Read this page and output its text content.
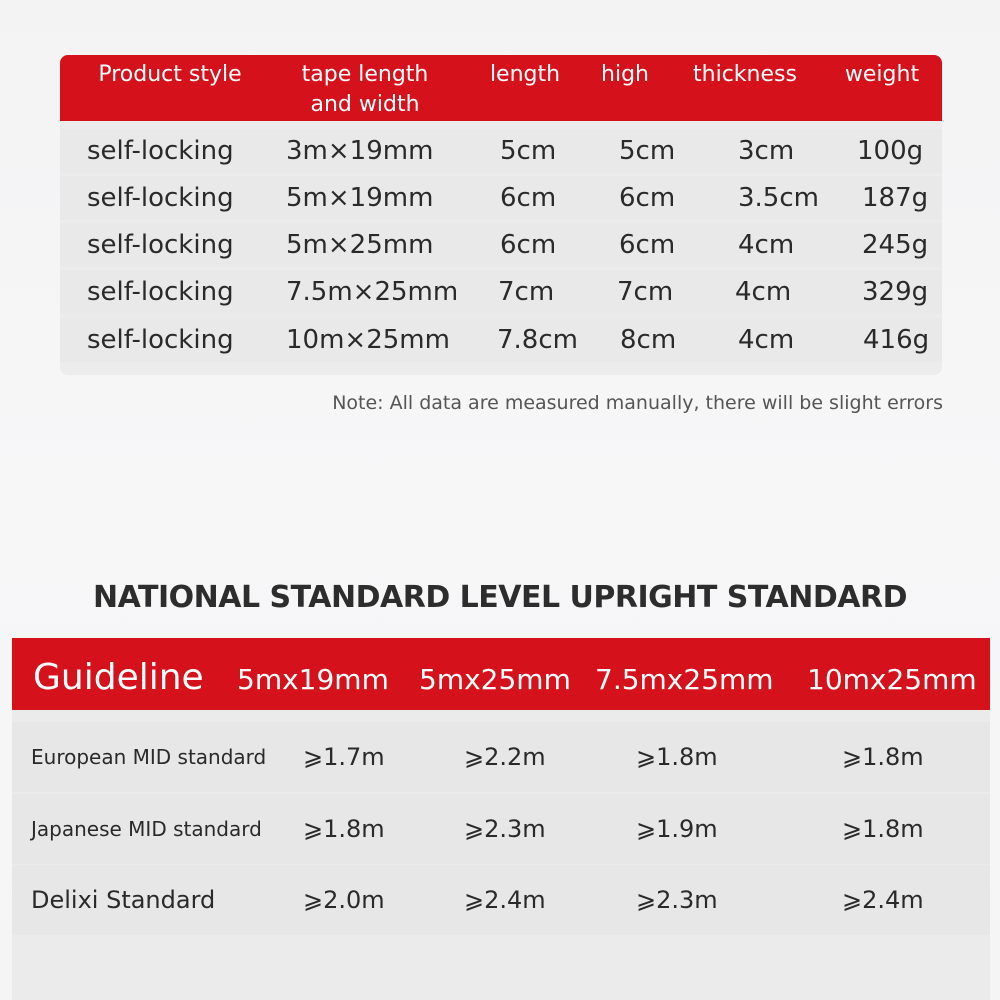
Product style	tape length
and width
length	high	thickness	weight
self-locking 3m×19mm	5cm 5cm 3cm 100g
self-locking 5m×19mm	6cm 6cm 3.5cm 187g
self-locking 5m×25mm	6cm 6cm 4cm	245g
self-locking 7.5m×25mm 7cm 7cm 4cm	329g
self-locking 10m×25mm 7.8cm 8cm 4cm	416g
Note: All data are measured manually, there will be slight errors
NATIONAL STANDARD LEVEL UPRIGHT STANDARD
Guideline 5mx19mm 5mx25mm 7.5mx25mm 10mx25mm
European MID standard ⩾1.7m	⩾2.2m	⩾1.8m	⩾1.8m
Japanese MID standard ⩾1.8m	⩾2.3m	⩾1.9m	⩾1.8m
Delixi Standard	⩾2.0m	⩾2.4m	⩾2.3m	⩾2.4m
